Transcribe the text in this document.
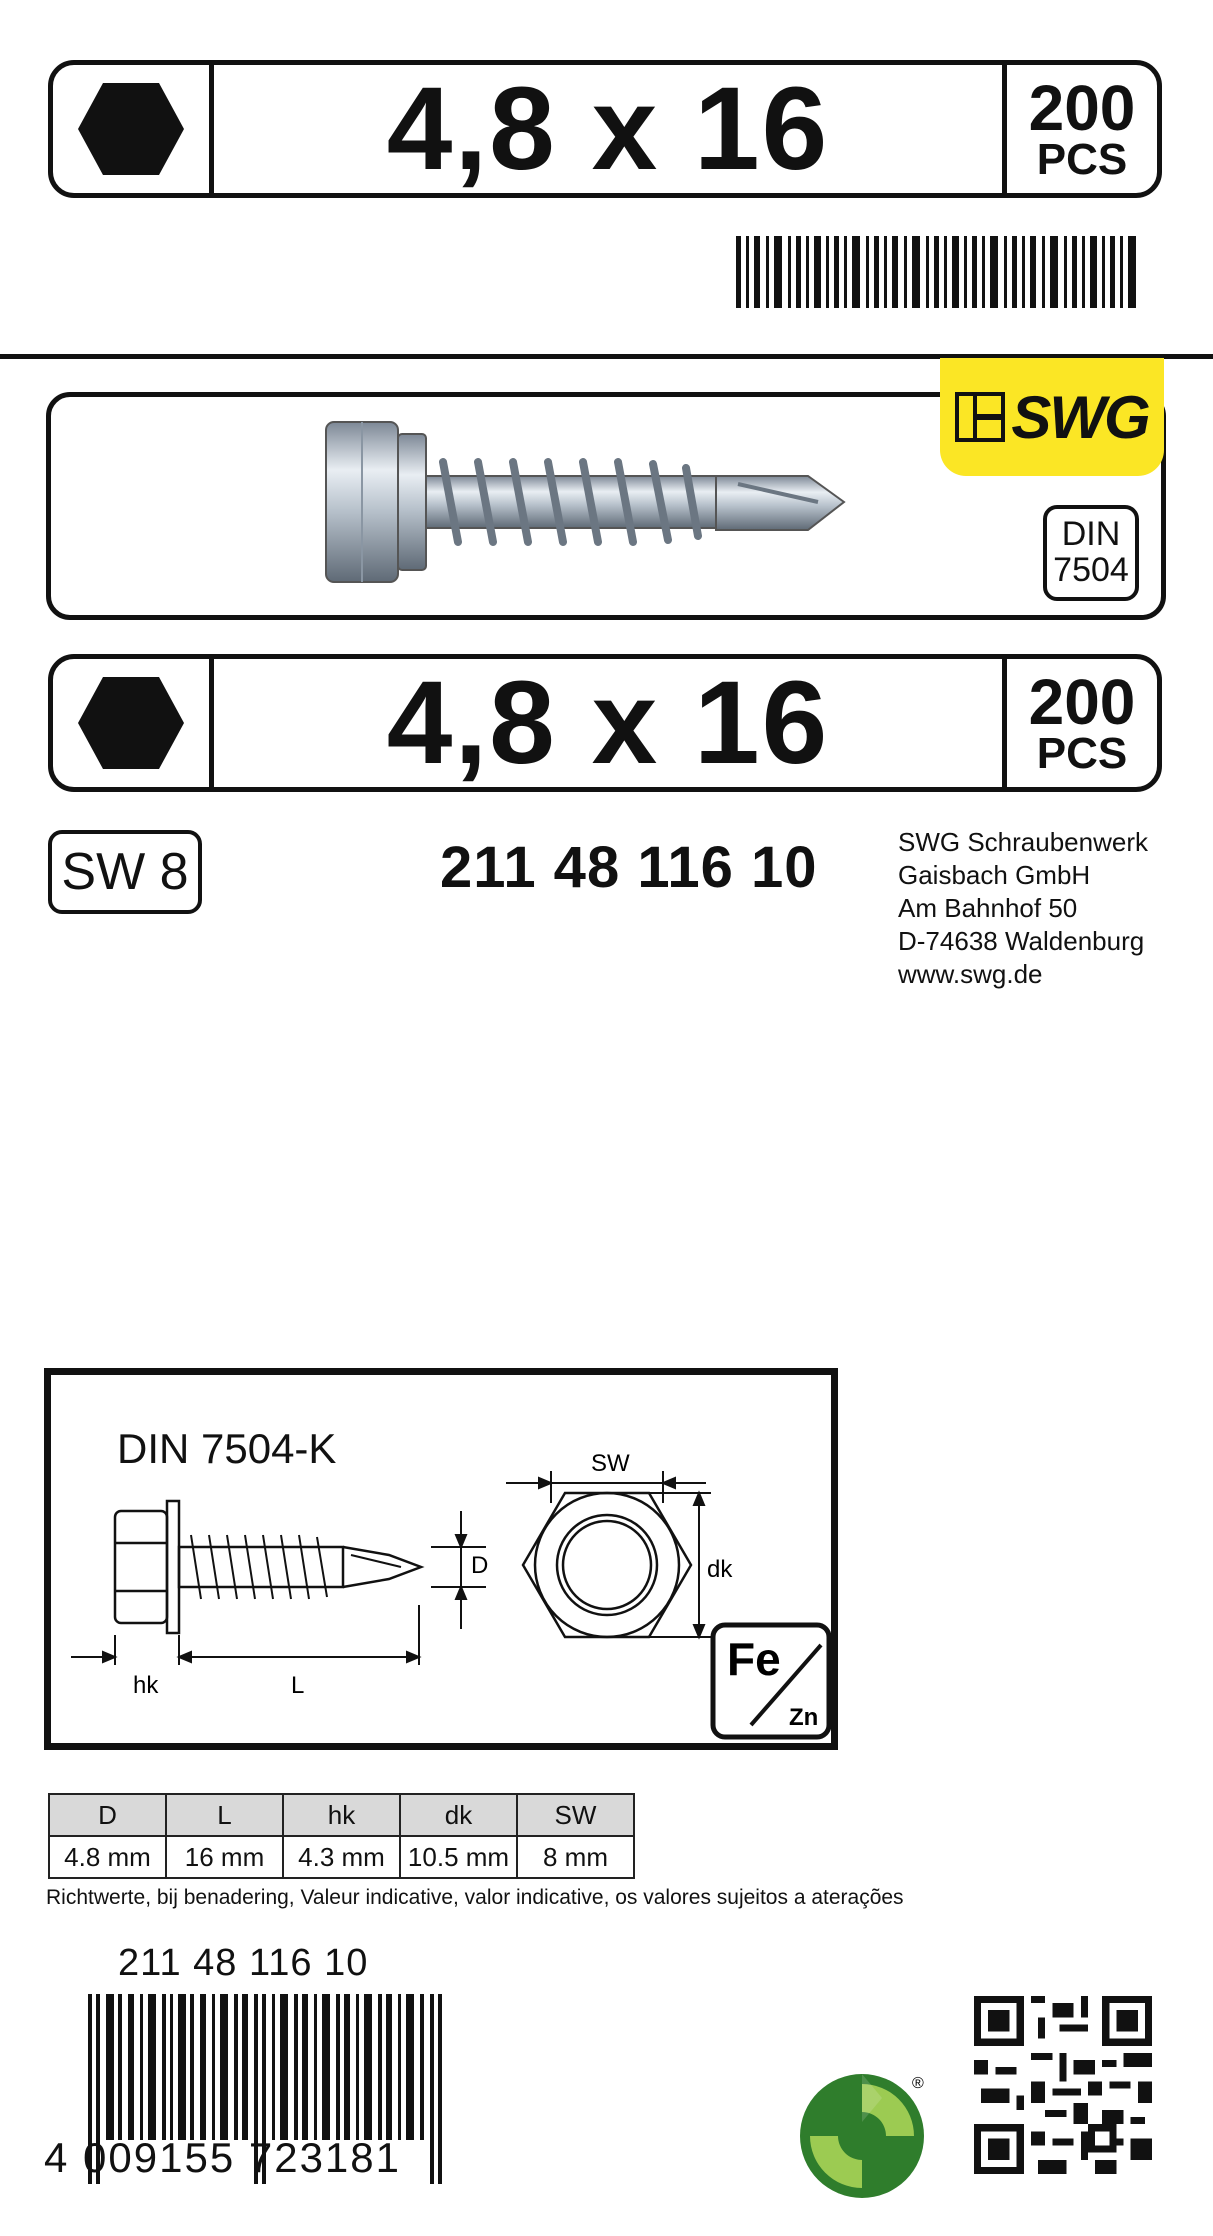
4,8 x 16	200
PCS
SWG
DIN
7504
4,8 x 16	200
PCS
SW 8	211 48 116 10	SWG Schraubenwerk
Gaisbach GmbH
Am Bahnhof 50
D-74638 Waldenburg
www.swg.de
DIN 7504-K
D
hk	L
SW
dk
Fe
Zn
D	L	hk	dk	SW
4.8 mm	16 mm	4.3 mm	10.5 mm	8 mm
Richtwerte, bij benadering, Valeur indicative, valor indicative, os valores sujeitos a aterações
211 48 116 10
4 009155 723181
®
